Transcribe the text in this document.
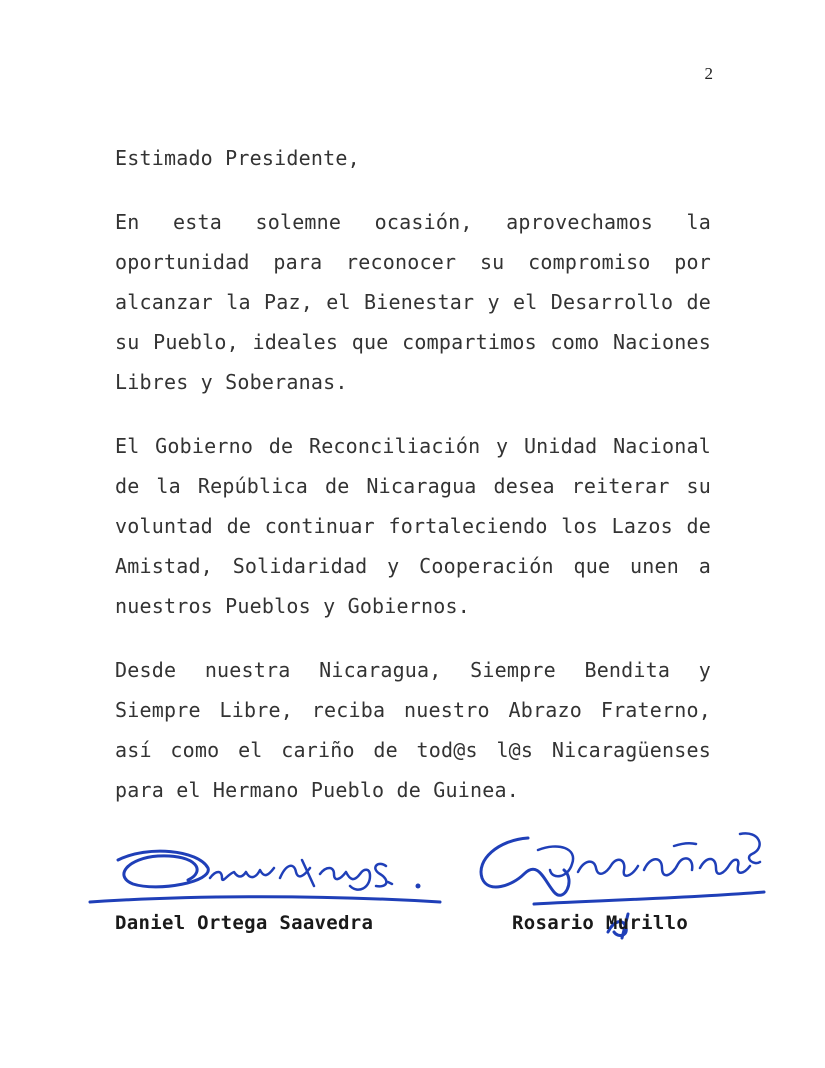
2

Estimado Presidente,

En esta solemne ocasión, aprovechamos la oportunidad para reconocer su compromiso por alcanzar la Paz, el Bienestar y el Desarrollo de su Pueblo, ideales que compartimos como Naciones Libres y Soberanas.

El Gobierno de Reconciliación y Unidad Nacional de la República de Nicaragua desea reiterar su voluntad de continuar fortaleciendo los Lazos de Amistad, Solidaridad y Cooperación que unen a nuestros Pueblos y Gobiernos.

Desde nuestra Nicaragua, Siempre Bendita y Siempre Libre, reciba nuestro Abrazo Fraterno, así como el cariño de tod@s l@s Nicaragüenses para el Hermano Pueblo de Guinea.

Daniel Ortega Saavedra	Rosario Murillo
